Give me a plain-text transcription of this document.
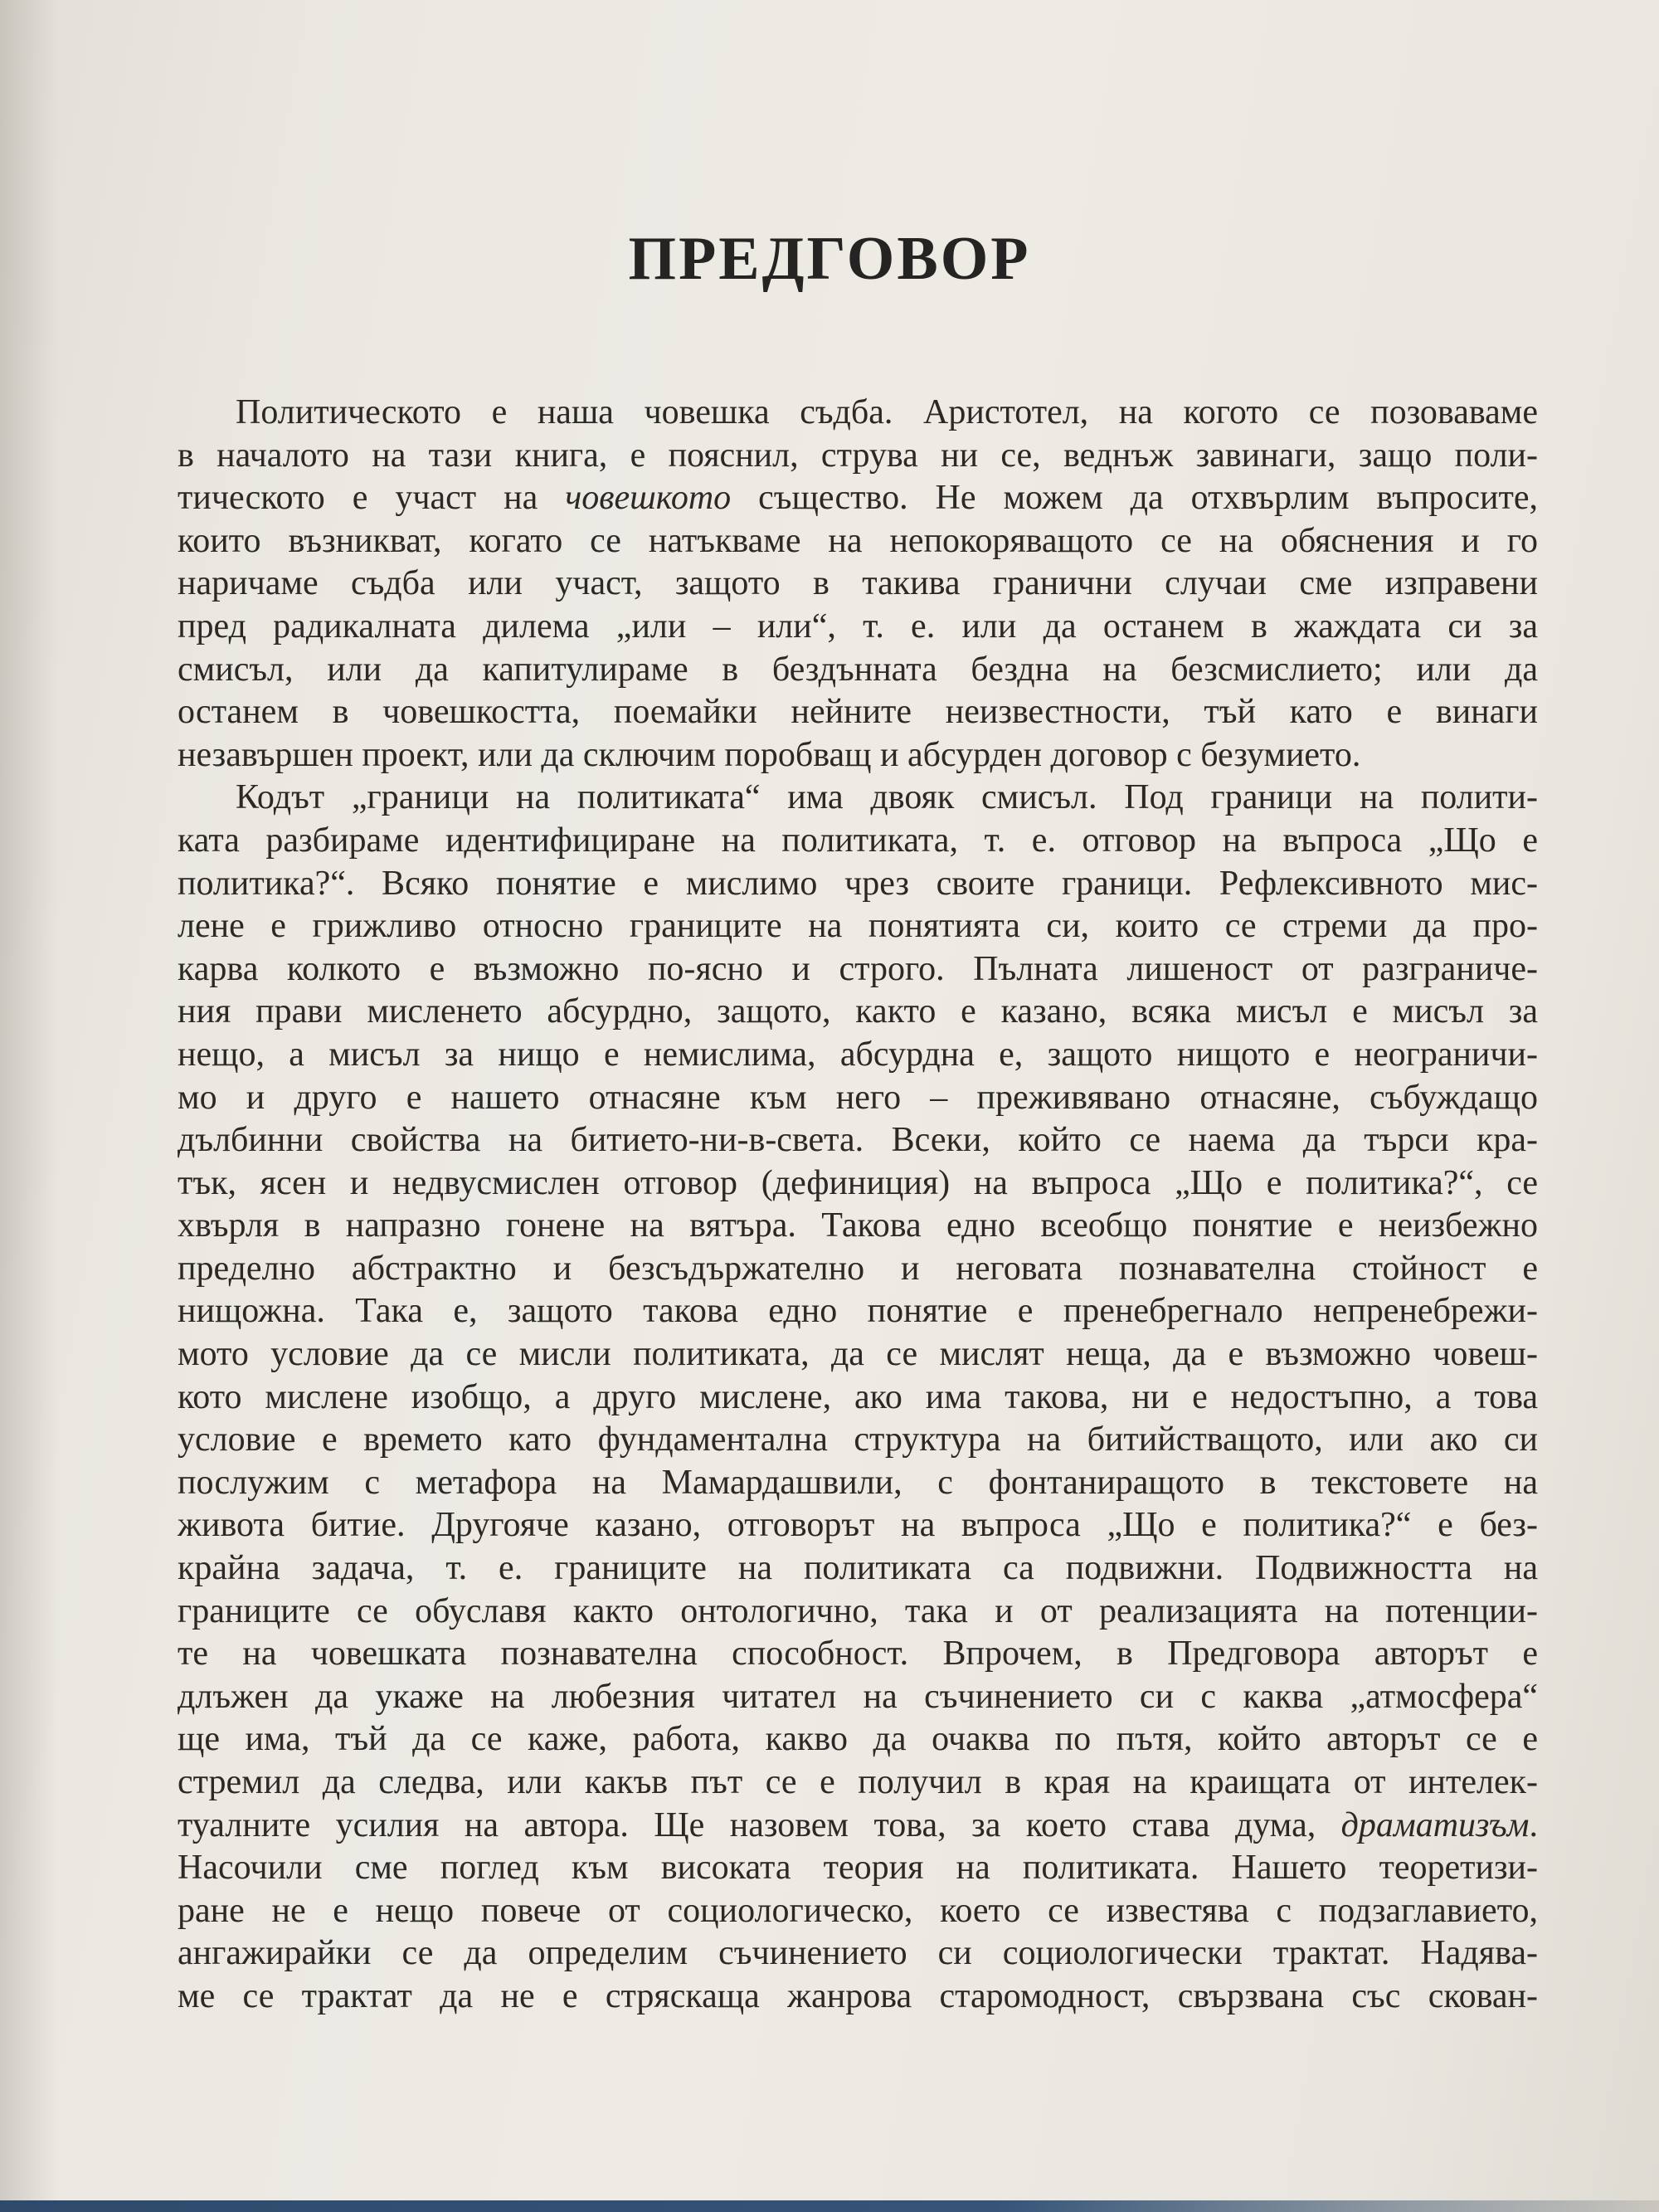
ПРЕДГОВОР
Политическото е наша човешка съдба. Аристотел, на когото се позоваваме
в началото на тази книга, е пояснил, струва ни се, веднъж завинаги, защо поли-
тическото е участ на човешкото същество. Не можем да отхвърлим въпросите,
които възникват, когато се натъкваме на непокоряващото се на обяснения и го
наричаме съдба или участ, защото в такива гранични случаи сме изправени
пред радикалната дилема „или – или“, т. е. или да останем в жаждата си за
смисъл, или да капитулираме в бездънната бездна на безсмислието; или да
останем в човешкостта, поемайки нейните неизвестности, тъй като е винаги
незавършен проект, или да сключим поробващ и абсурден договор с безумието.
Кодът „граници на политиката“ има двояк смисъл. Под граници на полити-
ката разбираме идентифициране на политиката, т. е. отговор на въпроса „Що е
политика?“. Всяко понятие е мислимо чрез своите граници. Рефлексивното мис-
лене е грижливо относно границите на понятията си, които се стреми да про-
карва колкото е възможно по-ясно и строго. Пълната лишеност от разграниче-
ния прави мисленето абсурдно, защото, както е казано, всяка мисъл е мисъл за
нещо, а мисъл за нищо е немислима, абсурдна е, защото нищото е неограничи-
мо и друго е нашето отнасяне към него – преживявано отнасяне, събуждащо
дълбинни свойства на битието-ни-в-света. Всеки, който се наема да търси кра-
тък, ясен и недвусмислен отговор (дефиниция) на въпроса „Що е политика?“, се
хвърля в напразно гонене на вятъра. Такова едно всеобщо понятие е неизбежно
пределно абстрактно и безсъдържателно и неговата познавателна стойност е
нищожна. Така е, защото такова едно понятие е пренебрегнало непренебрежи-
мото условие да се мисли политиката, да се мислят неща, да е възможно човеш-
кото мислене изобщо, а друго мислене, ако има такова, ни е недостъпно, а това
условие е времето като фундаментална структура на битийстващото, или ако си
послужим с метафора на Мамардашвили, с фонтаниращото в текстовете на
живота битие. Другояче казано, отговорът на въпроса „Що е политика?“ е без-
крайна задача, т. е. границите на политиката са подвижни. Подвижността на
границите се обуславя както онтологично, така и от реализацията на потенции-
те на човешката познавателна способност. Впрочем, в Предговора авторът е
длъжен да укаже на любезния читател на съчинението си с каква „атмосфера“
ще има, тъй да се каже, работа, какво да очаква по пътя, който авторът се е
стремил да следва, или какъв път се е получил в края на краищата от интелек-
туалните усилия на автора. Ще назовем това, за което става дума, драматизъм.
Насочили сме поглед към високата теория на политиката. Нашето теоретизи-
ране не е нещо повече от социологическо, което се известява с подзаглавието,
ангажирайки се да определим съчинението си социологически трактат. Надява-
ме се трактат да не е стряскаща жанрова старомодност, свързвана със скован-
